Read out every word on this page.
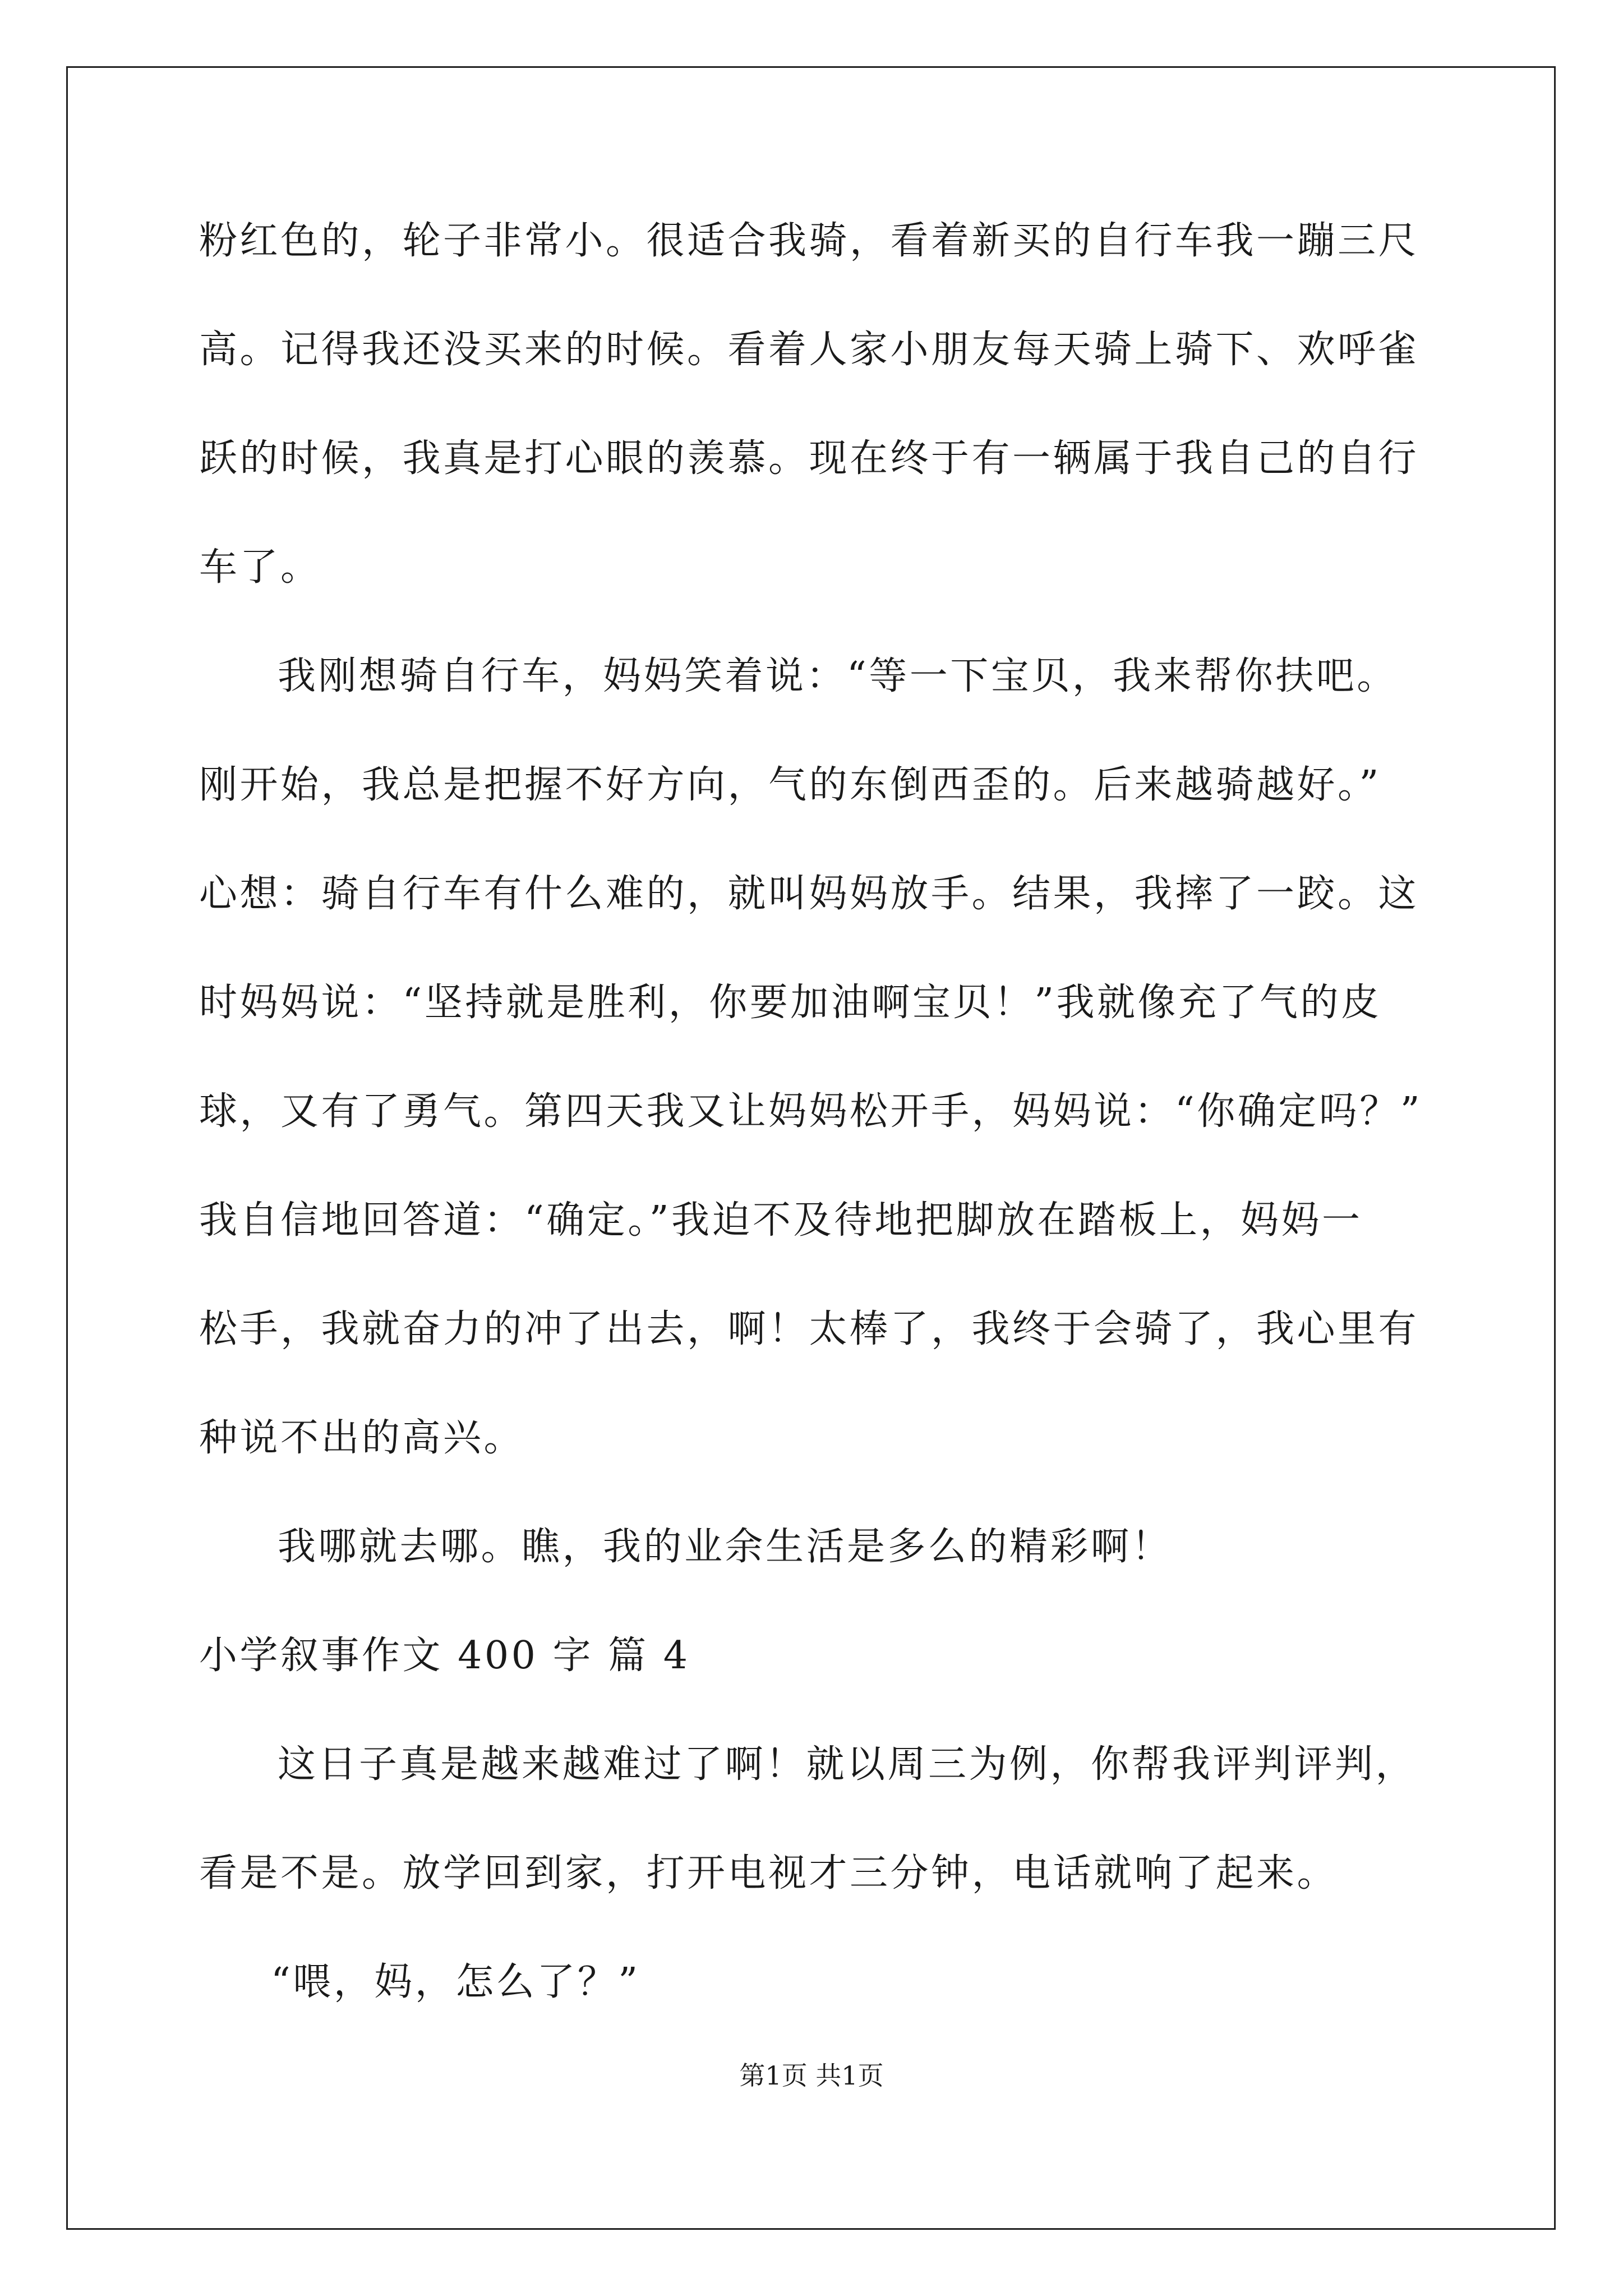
粉红色的，轮子非常小。很适合我骑，看着新买的自行车我一蹦三尺
高。记得我还没买来的时候。看着人家小朋友每天骑上骑下、欢呼雀
跃的时候，我真是打心眼的羡慕。现在终于有一辆属于我自己的自行
车了。
我刚想骑自行车，妈妈笑着说：“等一下宝贝，我来帮你扶吧。
刚开始，我总是把握不好方向，气的东倒西歪的。后来越骑越好。”
心想：骑自行车有什么难的，就叫妈妈放手。结果，我摔了一跤。这
时妈妈说：“坚持就是胜利，你要加油啊宝贝！”我就像充了气的皮
球，又有了勇气。第四天我又让妈妈松开手，妈妈说：“你确定吗？”
我自信地回答道：“确定。”我迫不及待地把脚放在踏板上，妈妈一
松手，我就奋力的冲了出去，啊！太棒了，我终于会骑了，我心里有
种说不出的高兴。
我哪就去哪。瞧，我的业余生活是多么的精彩啊！
小学叙事作文 400 字 篇 4
这日子真是越来越难过了啊！就以周三为例，你帮我评判评判，
看是不是。放学回到家，打开电视才三分钟，电话就响了起来。
“喂，妈，怎么了？”
第1页 共1页
